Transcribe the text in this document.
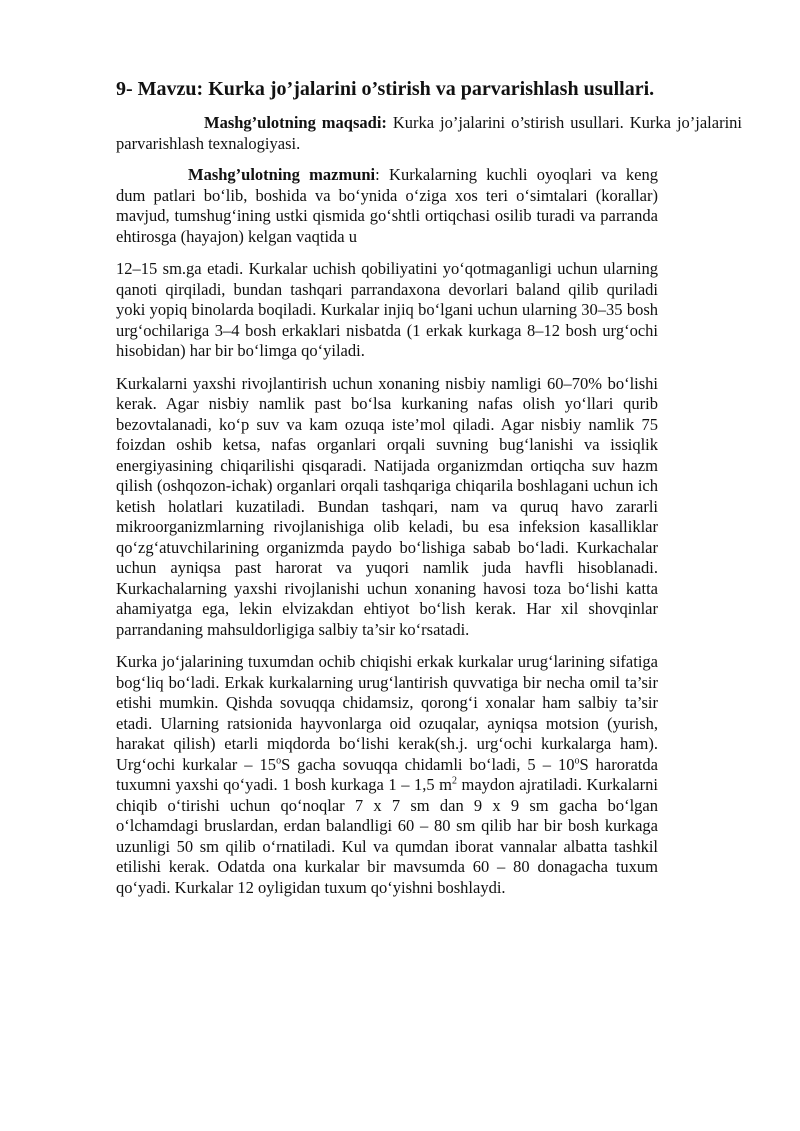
9- Mavzu: Kurka jo’jalarini o’stirish va parvarishlash usullari.

Mashg’ulotning maqsadi: Kurka jo’jalarini o’stirish usullari. Kurka jo’jalarini parvarishlash texnalogiyasi.

Mashg’ulotning mazmuni: Kurkalarning kuchli oyoqlari va keng dum patlari bo‘lib, boshida va bo‘ynida o‘ziga xos teri o‘simtalari (korallar) mavjud, tumshug‘ining ustki qismida go‘shtli ortiqchasi osilib turadi va parranda ehtirosga (hayajon) kelgan vaqtida u

12–15 sm.ga etadi. Kurkalar uchish qobiliyatini yo‘qotmaganligi uchun ularning qanoti qirqiladi, bundan tashqari parrandaxona devorlari baland qilib quriladi yoki yopiq binolarda boqiladi. Kurkalar injiq bo‘lgani uchun ularning 30–35 bosh urg‘ochilariga 3–4 bosh erkaklari nisbatda (1 erkak kurkaga 8–12 bosh urg‘ochi hisobidan) har bir bo‘limga qo‘yiladi.

Kurkalarni yaxshi rivojlantirish uchun xonaning nisbiy namligi 60–70% bo‘lishi kerak. Agar nisbiy namlik past bo‘lsa kurkaning nafas olish yo‘llari qurib bezovtalanadi, ko‘p suv va kam ozuqa iste’mol qiladi. Agar nisbiy namlik 75 foizdan oshib ketsa, nafas organlari orqali suvning bug‘lanishi va issiqlik energiyasining chiqarilishi qisqaradi. Natijada organizmdan ortiqcha suv hazm qilish (oshqozon-ichak) organlari orqali tashqariga chiqarila boshlagani uchun ich ketish holatlari kuzatiladi. Bundan tashqari, nam va quruq havo zararli mikroorganizmlarning rivojlanishiga olib keladi, bu esa infeksion kasalliklar qo‘zg‘atuvchilarining organizmda paydo bo‘lishiga sabab bo‘ladi. Kurkachalar uchun ayniqsa past harorat va yuqori namlik juda havfli hisoblanadi. Kurkachalarning yaxshi rivojlanishi uchun xonaning havosi toza bo‘lishi katta ahamiyatga ega, lekin elvizakdan ehtiyot bo‘lish kerak. Har xil shovqinlar parrandaning mahsuldorligiga salbiy ta’sir ko‘rsatadi.

Kurka jo‘jalarining tuxumdan ochib chiqishi erkak kurkalar urug‘larining sifatiga bog‘liq bo‘ladi. Erkak kurkalarning urug‘lantirish quvvatiga bir necha omil ta’sir etishi mumkin. Qishda sovuqqa chidamsiz, qorong‘i xonalar ham salbiy ta’sir etadi. Ularning ratsionida hayvonlarga oid ozuqalar, ayniqsa motsion (yurish, harakat qilish) etarli miqdorda bo‘lishi kerak(sh.j. urg‘ochi kurkalarga ham). Urg‘ochi kurkalar – 15$^o$S gacha sovuqqa chidamli bo‘ladi, 5 – 10$^o$S haroratda tuxumni yaxshi qo‘yadi. 1 bosh kurkaga 1 – 1,5 $m^2$ maydon ajratiladi. Kurkalarni chiqib o‘tirishi uchun qo‘noqlar 7 x 7 sm dan 9 x 9 sm gacha bo‘lgan o‘lchamdagi bruslardan, erdan balandligi 60 – 80 sm qilib har bir bosh kurkaga uzunligi 50 sm qilib o‘rnatiladi. Kul va qumdan iborat vannalar albatta tashkil etilishi kerak. Odatda ona kurkalar bir mavsumda 60 – 80 donagacha tuxum qo‘yadi. Kurkalar 12 oyligidan tuxum qo‘yishni boshlaydi.
